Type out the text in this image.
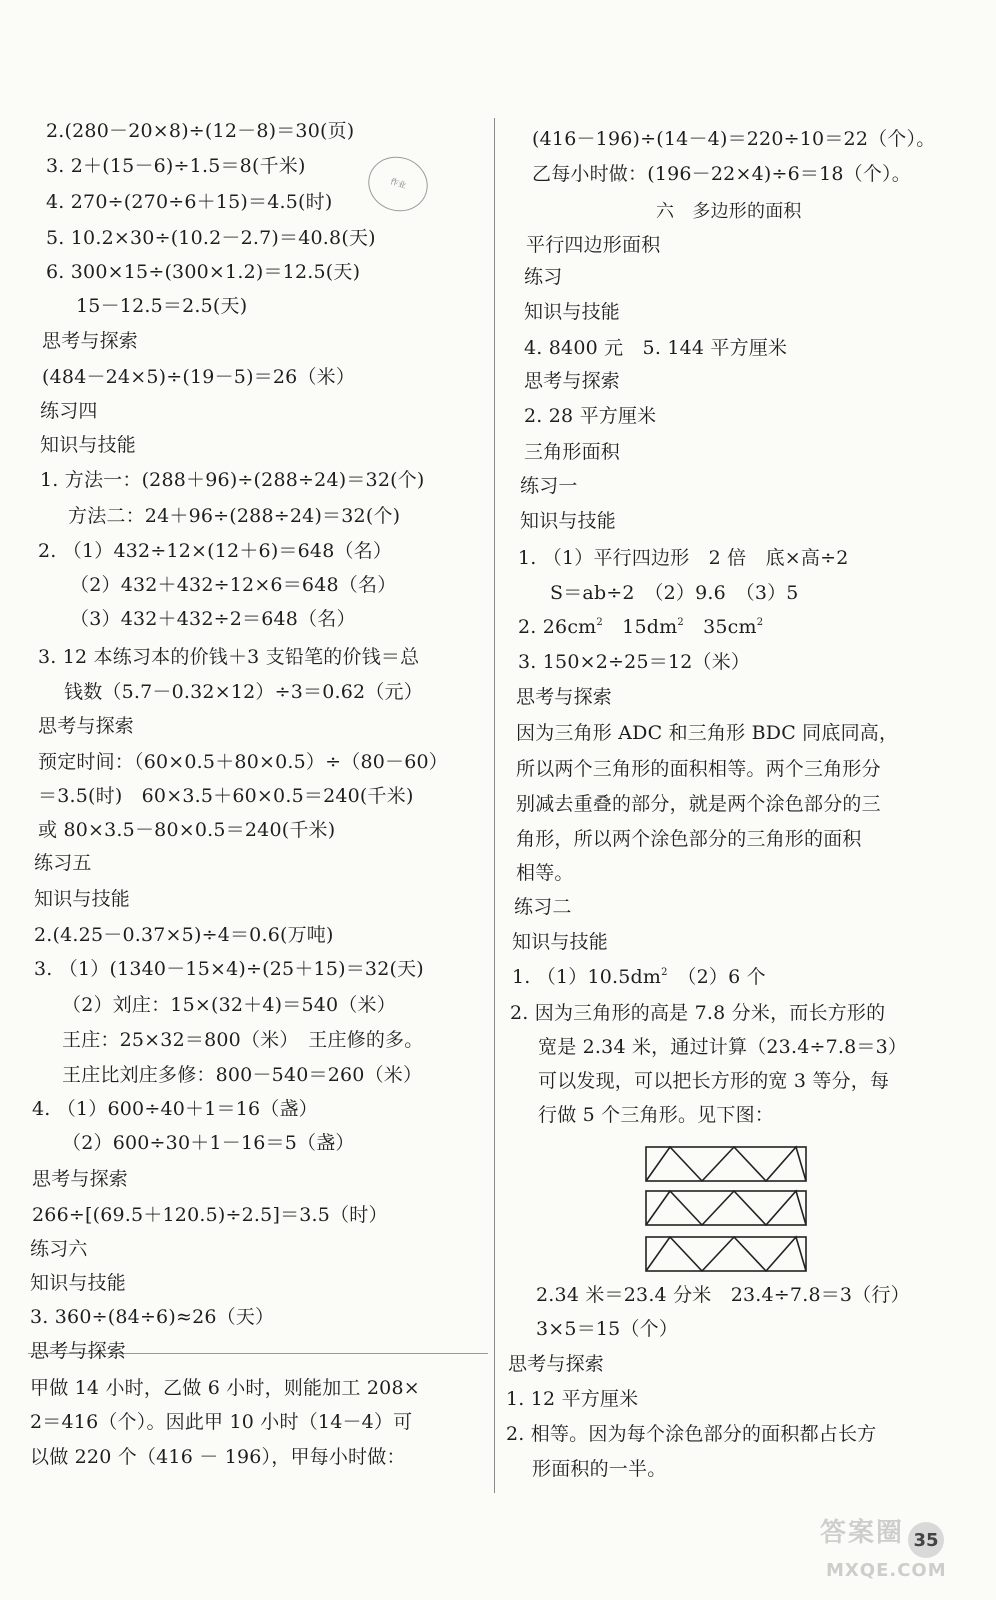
作业
2.(280－20×8)÷(12－8)＝30(页)
3. 2＋(15－6)÷1.5＝8(千米)
4. 270÷(270÷6＋15)＝4.5(时)
5. 10.2×30÷(10.2－2.7)＝40.8(天)
6. 300×15÷(300×1.2)＝12.5(天)
15－12.5＝2.5(天)
思考与探索
(484－24×5)÷(19－5)＝26（米）
练习四
知识与技能
1. 方法一：(288＋96)÷(288÷24)＝32(个)
方法二：24＋96÷(288÷24)＝32(个)
2. （1）432÷12×(12＋6)＝648（名）
（2）432＋432÷12×6＝648（名）
（3）432＋432÷2＝648（名）
3. 12 本练习本的价钱＋3 支铅笔的价钱＝总
钱数（5.7－0.32×12）÷3＝0.62（元）
思考与探索
预定时间：（60×0.5＋80×0.5）÷（80－60）
＝3.5(时)　60×3.5＋60×0.5＝240(千米)
或 80×3.5－80×0.5＝240(千米)
练习五
知识与技能
2.(4.25－0.37×5)÷4＝0.6(万吨)
3. （1）(1340－15×4)÷(25＋15)＝32(天)
（2）刘庄：15×(32＋4)＝540（米）
王庄：25×32＝800（米）　王庄修的多。
王庄比刘庄多修：800－540＝260（米）
4. （1）600÷40＋1＝16（盏）
（2）600÷30＋1－16＝5（盏）
思考与探索
266÷[(69.5＋120.5)÷2.5]＝3.5（时）
练习六
知识与技能
3. 360÷(84÷6)≈26（天）
思考与探索
甲做 14 小时，乙做 6 小时，则能加工 208×
2＝416（个）。因此甲 10 小时（14－4）可
以做 220 个（416 － 196），甲每小时做：
(416－196)÷(14－4)＝220÷10＝22（个）。
乙每小时做：(196－22×4)÷6＝18（个）。
六　多边形的面积
平行四边形面积
练习
知识与技能
4. 8400 元　5. 144 平方厘米
思考与探索
2. 28 平方厘米
三角形面积
练习一
知识与技能
1. （1）平行四边形　2 倍　底×高÷2
S＝ab÷2　（2）9.6　（3）5
2. $26cm^2$　$15dm^2$　$35cm^2$
3. 150×2÷25＝12（米）
思考与探索
因为三角形 ADC 和三角形 BDC 同底同高，
所以两个三角形的面积相等。两个三角形分
别减去重叠的部分，就是两个涂色部分的三
角形，所以两个涂色部分的三角形的面积
相等。
练习二
知识与技能
1. $(1)10.5dm^2$　（2）6 个
2. 因为三角形的高是 7.8 分米，而长方形的
宽是 2.34 米，通过计算（23.4÷7.8＝3）
可以发现，可以把长方形的宽 3 等分，每
行做 5 个三角形。见下图：
2.34 米＝23.4 分米　23.4÷7.8＝3（行）
3×5＝15（个）
思考与探索
1. 12 平方厘米
2. 相等。因为每个涂色部分的面积都占长方
形面积的一半。
答案圈
MXQE.COM
35
